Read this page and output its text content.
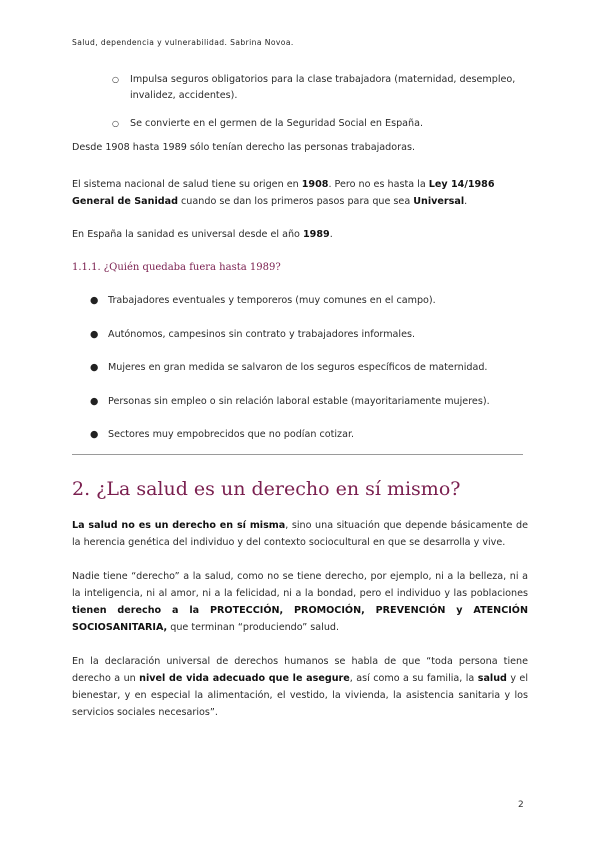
Salud, dependencia y vulnerabilidad. Sabrina Novoa.
○ Impulsa seguros obligatorios para la clase trabajadora (maternidad, desempleo, invalidez, accidentes).
○ Se convierte en el germen de la Seguridad Social en España.
Desde 1908 hasta 1989 sólo tenían derecho las personas trabajadoras.
El sistema nacional de salud tiene su origen en 1908. Pero no es hasta la Ley 14/1986 General de Sanidad cuando se dan los primeros pasos para que sea Universal.
En España la sanidad es universal desde el año 1989.
1.1.1. ¿Quién quedaba fuera hasta 1989?
● Trabajadores eventuales y temporeros (muy comunes en el campo).
● Autónomos, campesinos sin contrato y trabajadores informales.
● Mujeres en gran medida se salvaron de los seguros específicos de maternidad.
● Personas sin empleo o sin relación laboral estable (mayoritariamente mujeres).
● Sectores muy empobrecidos que no podían cotizar.
2. ¿La salud es un derecho en sí mismo?
La salud no es un derecho en sí misma, sino una situación que depende básicamente de la herencia genética del individuo y del contexto sociocultural en que se desarrolla y vive.
Nadie tiene “derecho” a la salud, como no se tiene derecho, por ejemplo, ni a la belleza, ni a la inteligencia, ni al amor, ni a la felicidad, ni a la bondad, pero el individuo y las poblaciones tienen derecho a la PROTECCIÓN, PROMOCIÓN, PREVENCIÓN y ATENCIÓN SOCIOSANITARIA, que terminan “produciendo” salud.
En la declaración universal de derechos humanos se habla de que “toda persona tiene derecho a un nivel de vida adecuado que le asegure, así como a su familia, la salud y el bienestar, y en especial la alimentación, el vestido, la vivienda, la asistencia sanitaria y los servicios sociales necesarios”.
2
